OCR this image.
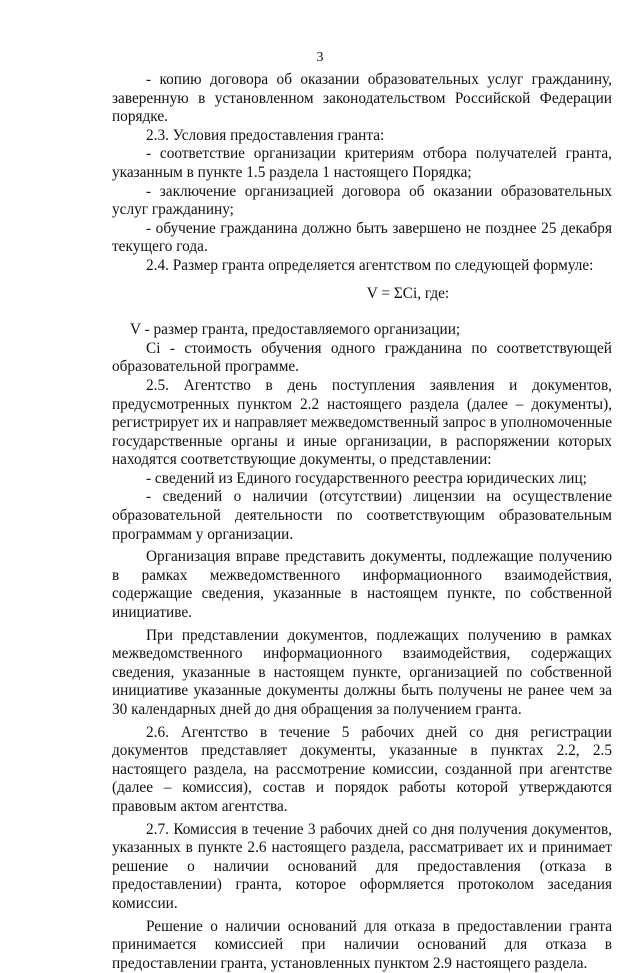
3

- копию договора об оказании образовательных услуг гражданину, заверенную в установленном законодательством Российской Федерации порядке.

2.3. Условия предоставления гранта:

- соответствие организации критериям отбора получателей гранта, указанным в пункте 1.5 раздела 1 настоящего Порядка;

- заключение организацией договора об оказании образовательных услуг гражданину;

- обучение гражданина должно быть завершено не позднее 25 декабря текущего года.

2.4. Размер гранта определяется агентством по следующей формуле:

V = ΣCi, где:

V - размер гранта, предоставляемого организации;

Ci - стоимость обучения одного гражданина по соответствующей образовательной программе.

2.5. Агентство в день поступления заявления и документов, предусмотренных пунктом 2.2 настоящего раздела (далее – документы), регистрирует их и направляет межведомственный запрос в уполномоченные государственные органы и иные организации, в распоряжении которых находятся соответствующие документы, о представлении:

- сведений из Единого государственного реестра юридических лиц;

- сведений о наличии (отсутствии) лицензии на осуществление образовательной деятельности по соответствующим образовательным программам у организации.

Организация вправе представить документы, подлежащие получению в рамках межведомственного информационного взаимодействия, содержащие сведения, указанные в настоящем пункте, по собственной инициативе.

При представлении документов, подлежащих получению в рамках межведомственного информационного взаимодействия, содержащих сведения, указанные в настоящем пункте, организацией по собственной инициативе указанные документы должны быть получены не ранее чем за 30 календарных дней до дня обращения за получением гранта.

2.6. Агентство в течение 5 рабочих дней со дня регистрации документов представляет документы, указанные в пунктах 2.2, 2.5 настоящего раздела, на рассмотрение комиссии, созданной при агентстве (далее – комиссия), состав и порядок работы которой утверждаются правовым актом агентства.

2.7. Комиссия в течение 3 рабочих дней со дня получения документов, указанных в пункте 2.6 настоящего раздела, рассматривает их и принимает решение о наличии оснований для предоставления (отказа в предоставлении) гранта, которое оформляется протоколом заседания комиссии.

Решение о наличии оснований для отказа в предоставлении гранта принимается комиссией при наличии оснований для отказа в предоставлении гранта, установленных пунктом 2.9 настоящего раздела.
